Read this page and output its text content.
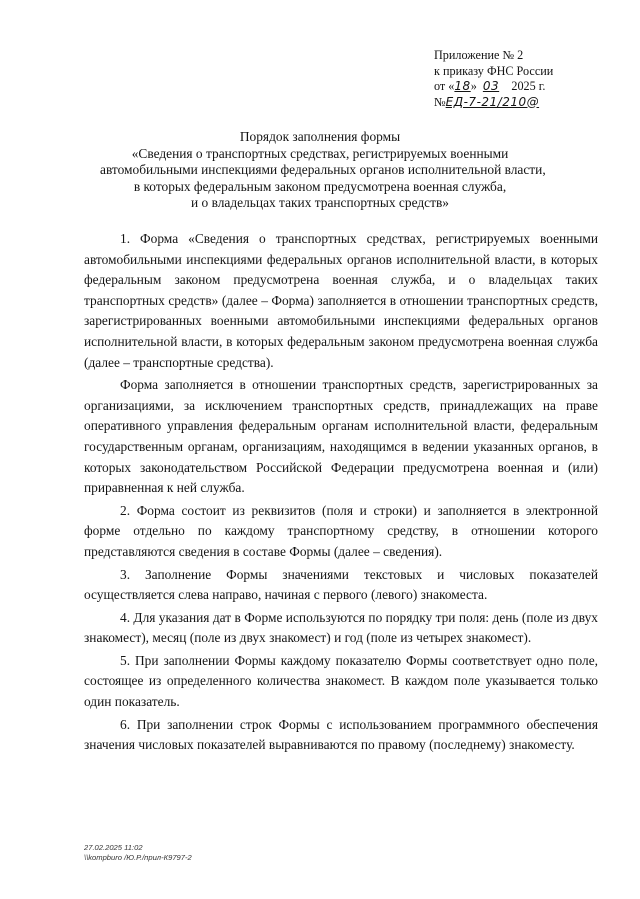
Приложение № 2
к приказу ФНС России
от «18» 03 2025 г.
№ЕД-7-21/210@
Порядок заполнения формы
«Сведения о транспортных средствах, регистрируемых военными
автомобильными инспекциями федеральных органов исполнительной власти,
в которых федеральным законом предусмотрена военная служба,
и о владельцах таких транспортных средств»

1. Форма «Сведения о транспортных средствах, регистрируемых военными автомобильными инспекциями федеральных органов исполнительной власти, в которых федеральным законом предусмотрена военная служба, и о владельцах таких транспортных средств» (далее – Форма) заполняется в отношении транспортных средств, зарегистрированных военными автомобильными инспекциями федеральных органов исполнительной власти, в которых федеральным законом предусмотрена военная служба (далее – транспортные средства).

Форма заполняется в отношении транспортных средств, зарегистрированных за организациями, за исключением транспортных средств, принадлежащих на праве оперативного управления федеральным органам исполнительной власти, федеральным государственным органам, организациям, находящимся в ведении указанных органов, в которых законодательством Российской Федерации предусмотрена военная и (или) приравненная к ней служба.

2. Форма состоит из реквизитов (поля и строки) и заполняется в электронной форме отдельно по каждому транспортному средству, в отношении которого представляются сведения в составе Формы (далее – сведения).

3. Заполнение Формы значениями текстовых и числовых показателей осуществляется слева направо, начиная с первого (левого) знакоместа.

4. Для указания дат в Форме используются по порядку три поля: день (поле из двух знакомест), месяц (поле из двух знакомест) и год (поле из четырех знакомест).

5. При заполнении Формы каждому показателю Формы соответствует одно поле, состоящее из определенного количества знакомест. В каждом поле указывается только один показатель.

6. При заполнении строк Формы с использованием программного обеспечения значения числовых показателей выравниваются по правому (последнему) знакоместу.

27.02.2025 11:02
\\kompburo /Ю.Р./прил-К9797-2
